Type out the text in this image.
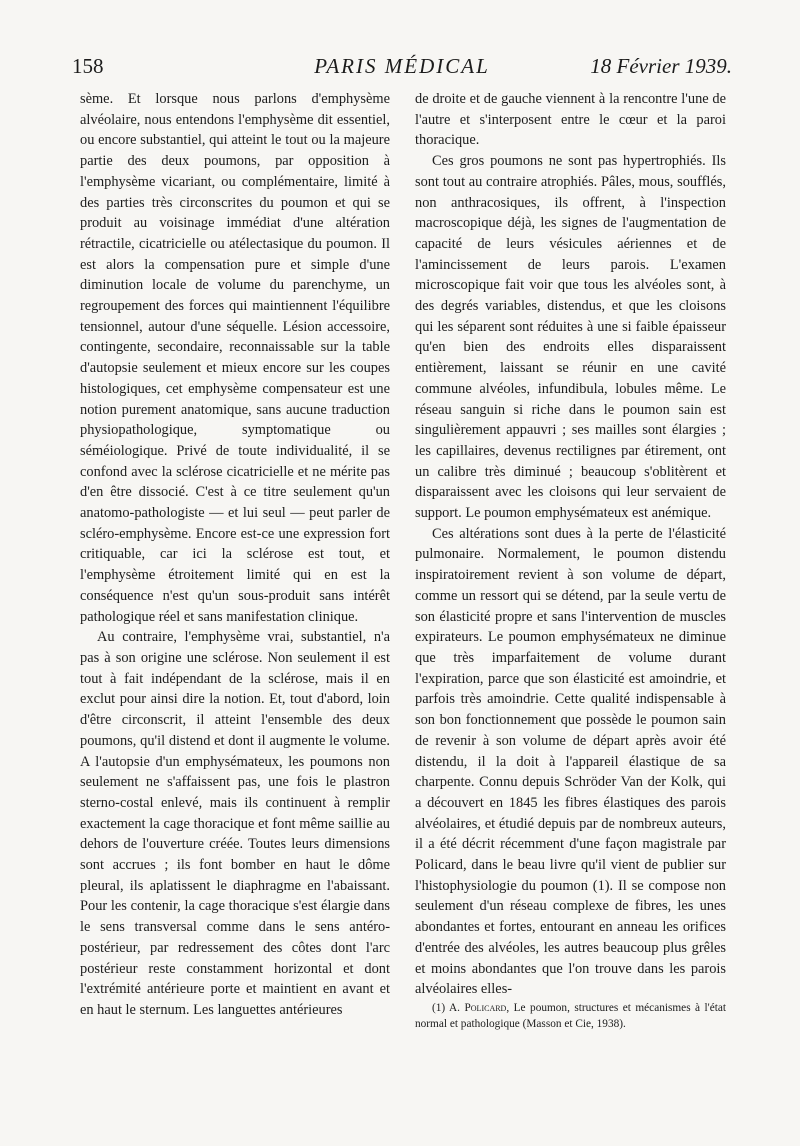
158	PARIS MÉDICAL	18 Février 1939.

sème. Et lorsque nous parlons d'emphysème alvéolaire, nous entendons l'emphysème dit essentiel, ou encore substantiel, qui atteint le tout ou la majeure partie des deux poumons, par opposition à l'emphysème vicariant, ou complémentaire, limité à des parties très circonscrites du poumon et qui se produit au voisinage immédiat d'une altération rétractile, cicatricielle ou atélectasique du poumon. Il est alors la compensation pure et simple d'une diminution locale de volume du parenchyme, un regroupement des forces qui maintiennent l'équilibre tensionnel, autour d'une séquelle. Lésion accessoire, contingente, secondaire, reconnaissable sur la table d'autopsie seulement et mieux encore sur les coupes histologiques, cet emphysème compensateur est une notion purement anatomique, sans aucune traduction physiopathologique, symptomatique ou séméiologique. Privé de toute individualité, il se confond avec la sclérose cicatricielle et ne mérite pas d'en être dissocié. C'est à ce titre seulement qu'un anatomo-pathologiste — et lui seul — peut parler de scléro-emphysème. Encore est-ce une expression fort critiquable, car ici la sclérose est tout, et l'emphysème étroitement limité qui en est la conséquence n'est qu'un sous-produit sans intérêt pathologique réel et sans manifestation clinique.

Au contraire, l'emphysème vrai, substantiel, n'a pas à son origine une sclérose. Non seulement il est tout à fait indépendant de la sclérose, mais il en exclut pour ainsi dire la notion. Et, tout d'abord, loin d'être circonscrit, il atteint l'ensemble des deux poumons, qu'il distend et dont il augmente le volume. A l'autopsie d'un emphysémateux, les poumons non seulement ne s'affaissent pas, une fois le plastron sterno-costal enlevé, mais ils continuent à remplir exactement la cage thoracique et font même saillie au dehors de l'ouverture créée. Toutes leurs dimensions sont accrues ; ils font bomber en haut le dôme pleural, ils aplatissent le diaphragme en l'abaissant. Pour les contenir, la cage thoracique s'est élargie dans le sens transversal comme dans le sens antéro-postérieur, par redressement des côtes dont l'arc postérieur reste constamment horizontal et dont l'extrémité antérieure porte et maintient en avant et en haut le sternum. Les languettes antérieures

de droite et de gauche viennent à la rencontre l'une de l'autre et s'interposent entre le cœur et la paroi thoracique.

Ces gros poumons ne sont pas hypertrophiés. Ils sont tout au contraire atrophiés. Pâles, mous, soufflés, non anthracosiques, ils offrent, à l'inspection macroscopique déjà, les signes de l'augmentation de capacité de leurs vésicules aériennes et de l'amincissement de leurs parois. L'examen microscopique fait voir que tous les alvéoles sont, à des degrés variables, distendus, et que les cloisons qui les séparent sont réduites à une si faible épaisseur qu'en bien des endroits elles disparaissent entièrement, laissant se réunir en une cavité commune alvéoles, infundibula, lobules même. Le réseau sanguin si riche dans le poumon sain est singulièrement appauvri ; ses mailles sont élargies ; les capillaires, devenus rectilignes par étirement, ont un calibre très diminué ; beaucoup s'oblitèrent et disparaissent avec les cloisons qui leur servaient de support. Le poumon emphysémateux est anémique.

Ces altérations sont dues à la perte de l'élasticité pulmonaire. Normalement, le poumon distendu inspiratoirement revient à son volume de départ, comme un ressort qui se détend, par la seule vertu de son élasticité propre et sans l'intervention de muscles expirateurs. Le poumon emphysémateux ne diminue que très imparfaitement de volume durant l'expiration, parce que son élasticité est amoindrie, et parfois très amoindrie. Cette qualité indispensable à son bon fonctionnement que possède le poumon sain de revenir à son volume de départ après avoir été distendu, il la doit à l'appareil élastique de sa charpente. Connu depuis Schröder Van der Kolk, qui a découvert en 1845 les fibres élastiques des parois alvéolaires, et étudié depuis par de nombreux auteurs, il a été décrit récemment d'une façon magistrale par Policard, dans le beau livre qu'il vient de publier sur l'histophysiologie du poumon (1). Il se compose non seulement d'un réseau complexe de fibres, les unes abondantes et fortes, entourant en anneau les orifices d'entrée des alvéoles, les autres beaucoup plus grêles et moins abondantes que l'on trouve dans les parois alvéolaires elles-

(1) A. Policard, Le poumon, structures et mécanismes à l'état normal et pathologique (Masson et Cie, 1938).
